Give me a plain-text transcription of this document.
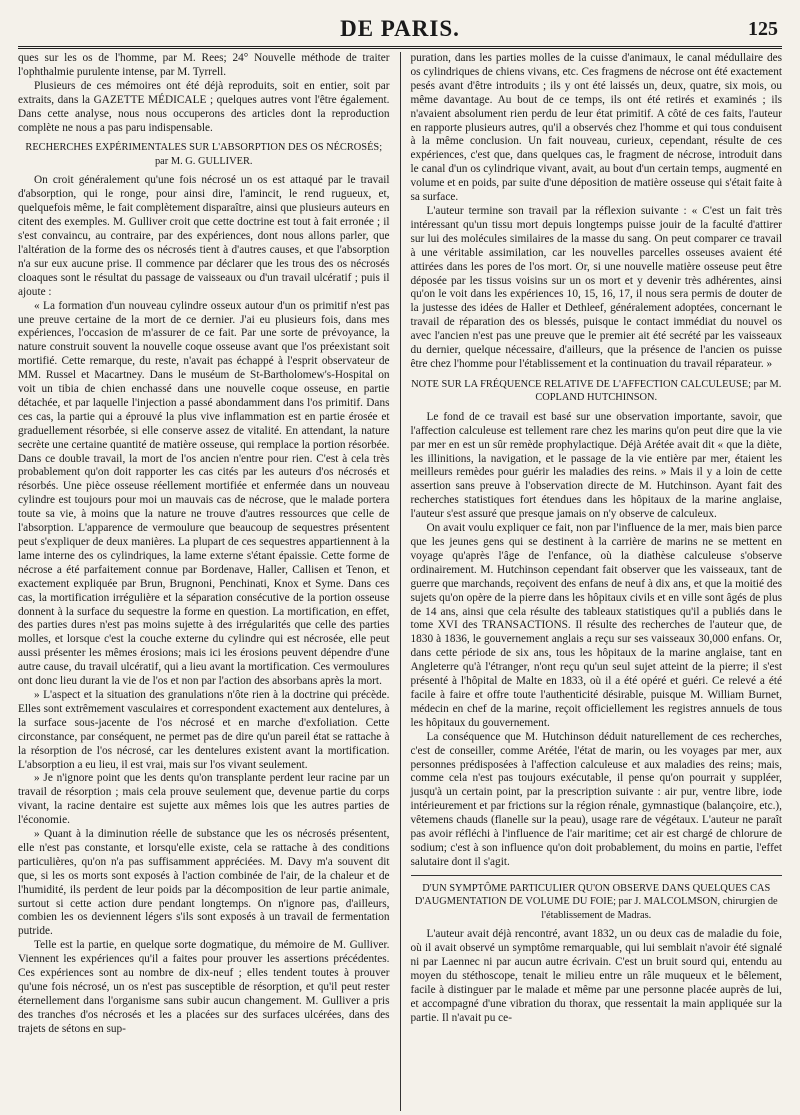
DE PARIS.	125

ques sur les os de l'homme, par M. Rees; 24° Nouvelle méthode de traiter l'ophthalmie purulente intense, par M. Tyrrell.

Plusieurs de ces mémoires ont été déjà reproduits, soit en entier, soit par extraits, dans la GAZETTE MÉDICALE ; quelques autres vont l'être également. Dans cette analyse, nous nous occuperons des articles dont la reproduction complète ne nous a pas paru indispensable.

RECHERCHES EXPÉRIMENTALES SUR L'ABSORPTION DES OS NÉCROSÉS; par M. G. GULLIVER.

On croit généralement qu'une fois nécrosé un os est attaqué par le travail d'absorption, qui le ronge, pour ainsi dire, l'amincit, le rend rugueux, et, quelquefois même, le fait complètement disparaître, ainsi que plusieurs auteurs en citent des exemples. M. Gulliver croit que cette doctrine est tout à fait erronée ; il s'est convaincu, au contraire, par des expériences, dont nous allons parler, que l'altération de la forme des os nécrosés tient à d'autres causes, et que l'absorption n'a sur eux aucune prise. Il commence par déclarer que les trous des os nécrosés cloaques sont le résultat du passage de vaisseaux ou d'un travail ulcératif ; puis il ajoute :

« La formation d'un nouveau cylindre osseux autour d'un os primitif n'est pas une preuve certaine de la mort de ce dernier. J'ai eu plusieurs fois, dans mes expériences, l'occasion de m'assurer de ce fait. Par une sorte de prévoyance, la nature construit souvent la nouvelle coque osseuse avant que l'os préexistant soit mortifié. Cette remarque, du reste, n'avait pas échappé à l'esprit observateur de MM. Russel et Macartney. Dans le muséum de St-Bartholomew's-Hospital on voit un tibia de chien enchassé dans une nouvelle coque osseuse, en partie détachée, et par laquelle l'injection a passé abondamment dans l'os primitif. Dans ces cas, la partie qui a éprouvé la plus vive inflammation est en partie érosée et graduellement résorbée, si elle conserve assez de vitalité. En attendant, la nature secrète une certaine quantité de matière osseuse, qui remplace la portion résorbée. Dans ce double travail, la mort de l'os ancien n'entre pour rien. C'est à cela très probablement qu'on doit rapporter les cas cités par les auteurs d'os nécrosés et résorbés. Une pièce osseuse réellement mortifiée et enfermée dans un nouveau cylindre est toujours pour moi un mauvais cas de nécrose, que le malade portera toute sa vie, à moins que la nature ne trouve d'autres ressources que celle de l'absorption. L'apparence de vermoulure que beaucoup de sequestres présentent peut s'expliquer de deux manières. La plupart de ces sequestres appartiennent à la lame interne des os cylindriques, la lame externe s'étant épaissie. Cette forme de nécrose a été parfaitement connue par Bordenave, Haller, Callisen et Tenon, et exactement expliquée par Brun, Brugnoni, Penchinati, Knox et Syme. Dans ces cas, la mortification irrégulière et la séparation consécutive de la portion osseuse donnent à la surface du sequestre la forme en question. La mortification, en effet, des parties dures n'est pas moins sujette à des irrégularités que celle des parties molles, et lorsque c'est la couche externe du cylindre qui est nécrosée, elle peut aussi présenter les mêmes érosions; mais ici les érosions peuvent dépendre d'une autre cause, du travail ulcératif, qui a lieu avant la mortification. Ces vermoulures ont donc lieu durant la vie de l'os et non par l'action des absorbans après la mort.

» L'aspect et la situation des granulations n'ôte rien à la doctrine qui précède. Elles sont extrêmement vasculaires et correspondent exactement aux dentelures, à la surface sous-jacente de l'os nécrosé et en marche d'exfoliation. Cette circonstance, par conséquent, ne permet pas de dire qu'un pareil état se rattache à la résorption de l'os nécrosé, car les dentelures existent avant la mortification. L'absorption a eu lieu, il est vrai, mais sur l'os vivant seulement.

» Je n'ignore point que les dents qu'on transplante perdent leur racine par un travail de résorption ; mais cela prouve seulement que, devenue partie du corps vivant, la racine dentaire est sujette aux mêmes lois que les autres parties de l'économie.

» Quant à la diminution réelle de substance que les os nécrosés présentent, elle n'est pas constante, et lorsqu'elle existe, cela se rattache à des conditions particulières, qu'on n'a pas suffisamment appréciées. M. Davy m'a souvent dit que, si les os morts sont exposés à l'action combinée de l'air, de la chaleur et de l'humidité, ils perdent de leur poids par la décomposition de leur partie animale, surtout si cette action dure pendant longtemps. On n'ignore pas, d'ailleurs, combien les os deviennent légers s'ils sont exposés à un travail de fermentation putride.

Telle est la partie, en quelque sorte dogmatique, du mémoire de M. Gulliver. Viennent les expériences qu'il a faites pour prouver les assertions précédentes. Ces expériences sont au nombre de dix-neuf ; elles tendent toutes à prouver qu'une fois nécrosé, un os n'est pas susceptible de résorption, et qu'il peut rester éternellement dans l'organisme sans subir aucun changement. M. Gulliver a pris des tranches d'os nécrosés et les a placées sur des surfaces ulcérées, dans des trajets de sétons en sup-

puration, dans les parties molles de la cuisse d'animaux, le canal médullaire des os cylindriques de chiens vivans, etc. Ces fragmens de nécrose ont été exactement pesés avant d'être introduits ; ils y ont été laissés un, deux, quatre, six mois, ou même davantage. Au bout de ce temps, ils ont été retirés et examinés ; ils n'avaient absolument rien perdu de leur état primitif. A côté de ces faits, l'auteur en rapporte plusieurs autres, qu'il a observés chez l'homme et qui tous conduisent à la même conclusion. Un fait nouveau, curieux, cependant, résulte de ces expériences, c'est que, dans quelques cas, le fragment de nécrose, introduit dans le canal d'un os cylindrique vivant, avait, au bout d'un certain temps, augmenté en volume et en poids, par suite d'une déposition de matière osseuse qui s'était faite à sa surface.

L'auteur termine son travail par la réflexion suivante : « C'est un fait très intéressant qu'un tissu mort depuis longtemps puisse jouir de la faculté d'attirer sur lui des molécules similaires de la masse du sang. On peut comparer ce travail à une véritable assimilation, car les nouvelles parcelles osseuses avaient été attirées dans les pores de l'os mort. Or, si une nouvelle matière osseuse peut être déposée par les tissus voisins sur un os mort et y devenir très adhérentes, ainsi qu'on le voit dans les expériences 10, 15, 16, 17, il nous sera permis de douter de la justesse des idées de Haller et Dethleef, généralement adoptées, concernant le travail de réparation des os blessés, puisque le contact immédiat du nouvel os avec l'ancien n'est pas une preuve que le premier ait été secrété par les vaisseaux du dernier, quelque nécessaire, d'ailleurs, que la présence de l'ancien os puisse être chez l'homme pour l'établissement et la continuation du travail réparateur. »

NOTE SUR LA FRÉQUENCE RELATIVE DE L'AFFECTION CALCULEUSE; par M. COPLAND HUTCHINSON.

Le fond de ce travail est basé sur une observation importante, savoir, que l'affection calculeuse est tellement rare chez les marins qu'on peut dire que la vie par mer en est un sûr remède prophylactique. Déjà Arétée avait dit « que la diète, les illinitions, la navigation, et le passage de la vie entière par mer, étaient les meilleurs remèdes pour guérir les maladies des reins. » Mais il y a loin de cette assertion sans preuve à l'observation directe de M. Hutchinson. Ayant fait des recherches statistiques fort étendues dans les hôpitaux de la marine anglaise, l'auteur s'est assuré que presque jamais on n'y observe de calculeux.

On avait voulu expliquer ce fait, non par l'influence de la mer, mais bien parce que les jeunes gens qui se destinent à la carrière de marins ne se mettent en voyage qu'après l'âge de l'enfance, où la diathèse calculeuse s'observe ordinairement. M. Hutchinson cependant fait observer que les vaisseaux, tant de guerre que marchands, reçoivent des enfans de neuf à dix ans, et que la moitié des sujets qu'on opère de la pierre dans les hôpitaux civils et en ville sont âgés de plus de 14 ans, ainsi que cela résulte des tableaux statistiques qu'il a publiés dans le tome XVI des TRANSACTIONS. Il résulte des recherches de l'auteur que, de 1830 à 1836, le gouvernement anglais a reçu sur ses vaisseaux 30,000 enfans. Or, dans cette période de six ans, tous les hôpitaux de la marine anglaise, tant en Angleterre qu'à l'étranger, n'ont reçu qu'un seul sujet atteint de la pierre; il s'est présenté à l'hôpital de Malte en 1833, où il a été opéré et guéri. Ce relevé a été facile à faire et offre toute l'authenticité désirable, puisque M. William Burnet, médecin en chef de la marine, reçoit officiellement les registres annuels de tous les hôpitaux du gouvernement.

La conséquence que M. Hutchinson déduit naturellement de ces recherches, c'est de conseiller, comme Arétée, l'état de marin, ou les voyages par mer, aux personnes prédisposées à l'affection calculeuse et aux maladies des reins; mais, comme cela n'est pas toujours exécutable, il pense qu'on pourrait y suppléer, jusqu'à un certain point, par la prescription suivante : air pur, ventre libre, iode intérieurement et par frictions sur la région rénale, gymnastique (balançoire, etc.), vêtemens chauds (flanelle sur la peau), usage rare de végétaux. L'auteur ne paraît pas avoir réfléchi à l'influence de l'air maritime; cet air est chargé de chlorure de sodium; c'est à son influence qu'on doit probablement, du moins en partie, l'effet salutaire dont il s'agit.

D'UN SYMPTÔME PARTICULIER QU'ON OBSERVE DANS QUELQUES CAS D'AUGMENTATION DE VOLUME DU FOIE; par J. MALCOLMSON, chirurgien de l'établissement de Madras.

L'auteur avait déjà rencontré, avant 1832, un ou deux cas de maladie du foie, où il avait observé un symptôme remarquable, qui lui semblait n'avoir été signalé ni par Laennec ni par aucun autre écrivain. C'est un bruit sourd qui, entendu au moyen du stéthoscope, tenait le milieu entre un râle muqueux et le bêlement, facile à distinguer par le malade et même par une personne placée auprès de lui, et accompagné d'une vibration du thorax, que ressentait la main appliquée sur la partie. Il n'avait pu ce-
